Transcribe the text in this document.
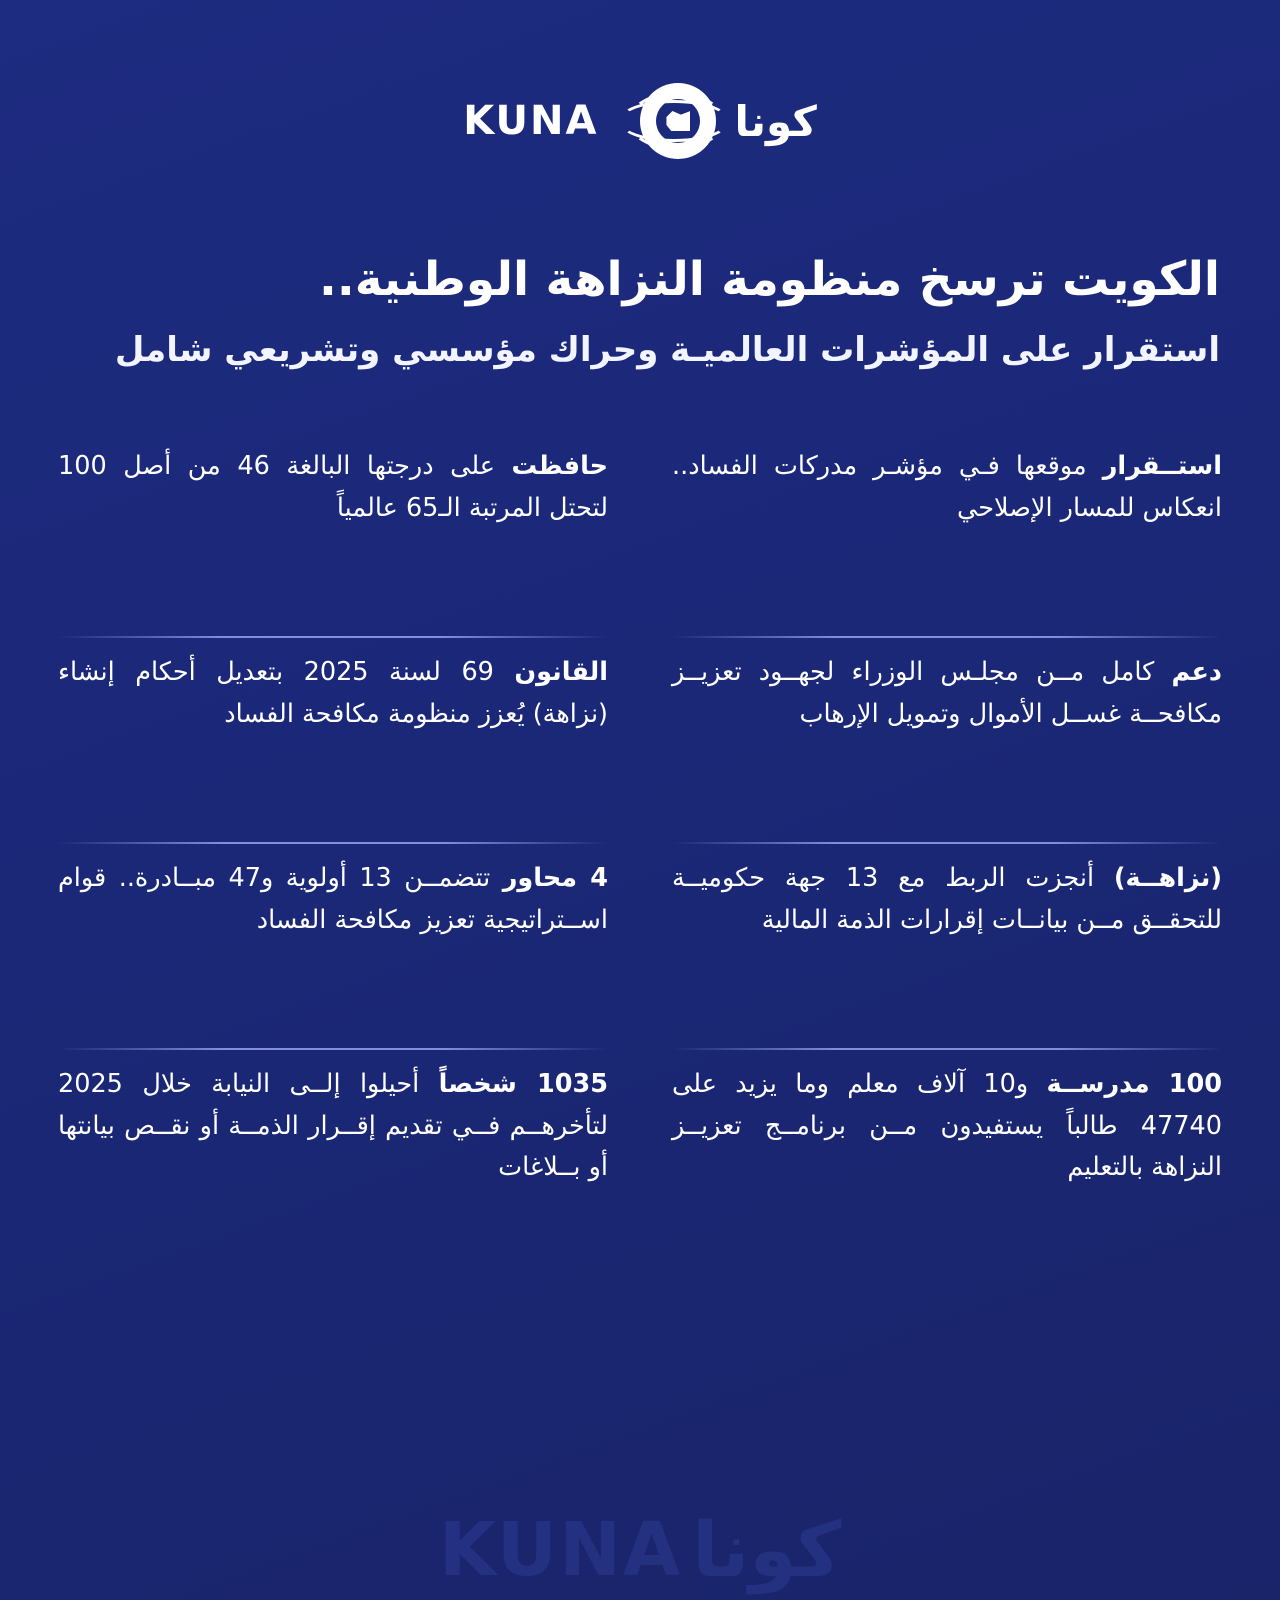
KUNA	كونا
الكويت ترسخ منظومة النزاهة الوطنية..
استقرار على المؤشرات العالميـة وحراك مؤسسي وتشريعي شامل
استــقرار موقعها فـي مؤشـر مدركات الفساد.. انعكاس للمسار الإصلاحي
حافظت على درجتها البالغة 46 من أصل 100 لتحتل المرتبة الـ65 عالمياً
دعم كامل مــن مجلـس الوزراء لجهــود تعزيــز مكافحــة غســل الأموال وتمويل الإرهاب
القانون 69 لسنة 2025 بتعديل أحكام إنشاء (نزاهة) يُعزز منظومة مكافحة الفساد
(نزاهــة) أنجزت الربط مع 13 جهة حكوميــة للتحقــق مــن بيانــات إقرارات الذمة المالية
4 محاور تتضمــن 13 أولوية و47 مبــادرة.. قوام اســتراتيجية تعزيز مكافحة الفساد
100 مدرســة و10 آلاف معلم وما يزيد على 47740 طالباً يستفيدون مــن برنامــج تعزيــز النزاهة بالتعليم
1035 شخصاً أحيلوا إلــى النيابة خلال 2025 لتأخرهــم فــي تقديم إقــرار الذمــة أو نقــص بيانتها أو بــلاغات
KUNA كونا
